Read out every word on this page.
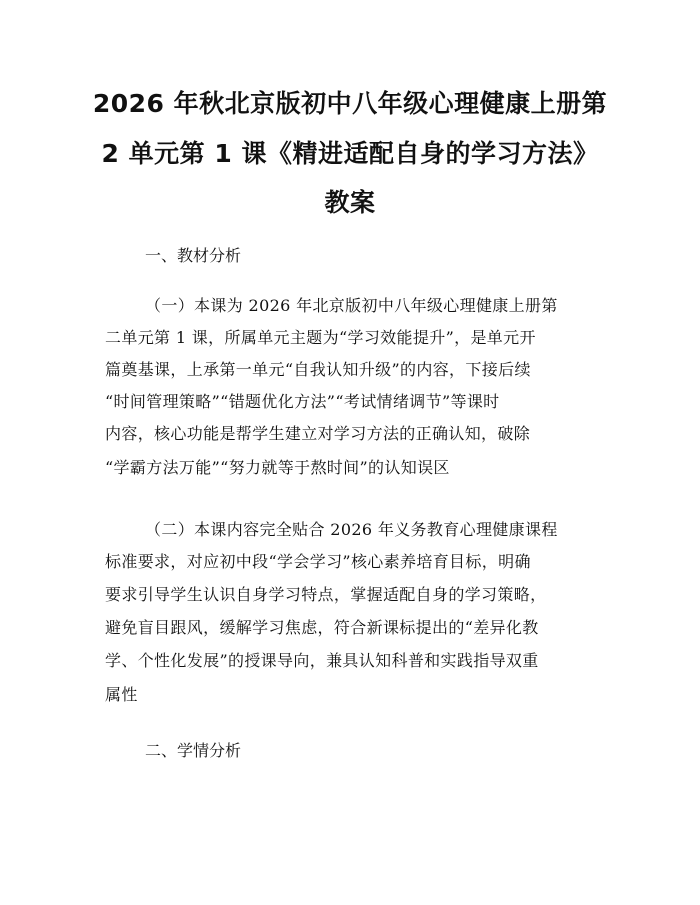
2026 年秋北京版初中八年级心理健康上册第
2 单元第 1 课《精进适配自身的学习方法》
教案
一、教材分析
（一）本课为 2026 年北京版初中八年级心理健康上册第
二单元第 1 课，所属单元主题为“学习效能提升”，是单元开
篇奠基课，上承第一单元“自我认知升级”的内容，下接后续
“时间管理策略”“错题优化方法”“考试情绪调节”等课时
内容，核心功能是帮学生建立对学习方法的正确认知，破除
“学霸方法万能”“努力就等于熬时间”的认知误区
（二）本课内容完全贴合 2026 年义务教育心理健康课程
标准要求，对应初中段“学会学习”核心素养培育目标，明确
要求引导学生认识自身学习特点，掌握适配自身的学习策略，
避免盲目跟风，缓解学习焦虑，符合新课标提出的“差异化教
学、个性化发展”的授课导向，兼具认知科普和实践指导双重
属性
二、学情分析
